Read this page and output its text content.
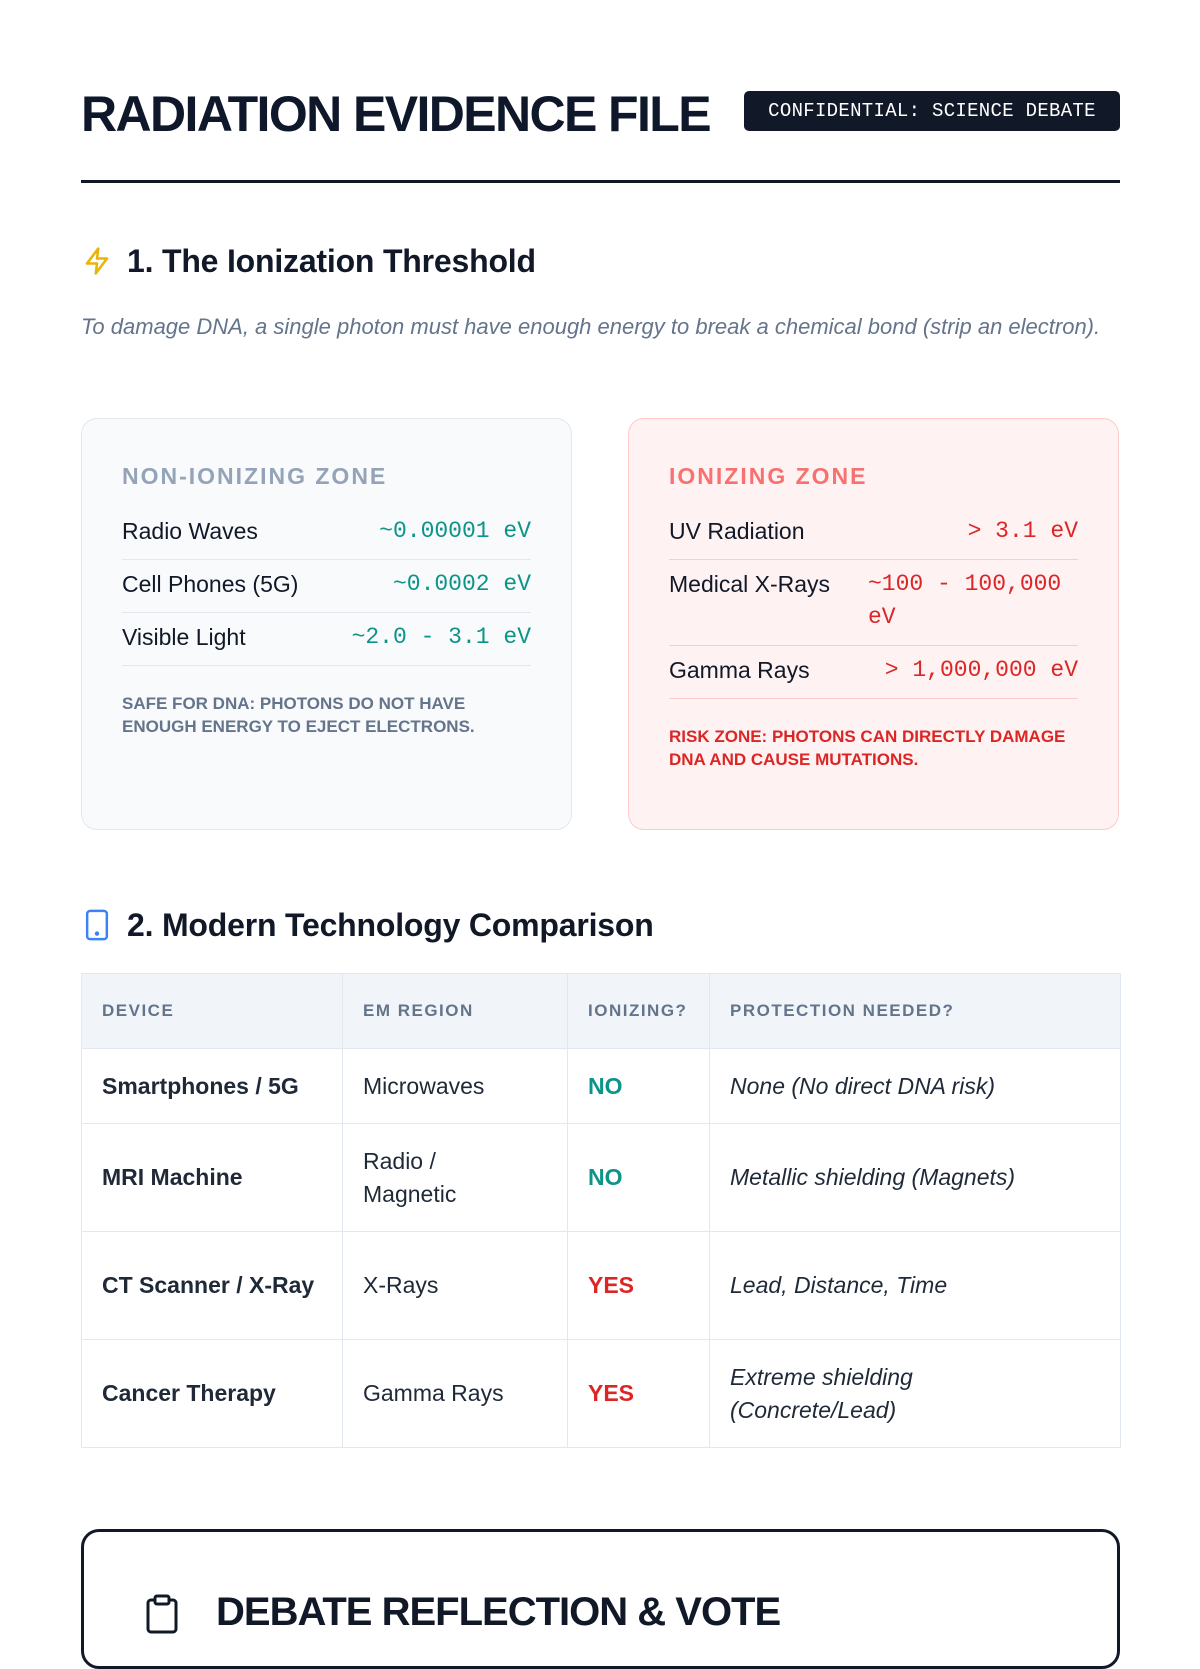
RADIATION EVIDENCE FILE	CONFIDENTIAL: SCIENCE DEBATE
1. The Ionization Threshold

To damage DNA, a single photon must have enough energy to break a chemical bond (strip an electron).

NON-IONIZING ZONE
Radio Waves	~0.00001 eV
Cell Phones (5G)	~0.0002 eV
Visible Light	~2.0 - 3.1 eV
SAFE FOR DNA: PHOTONS DO NOT HAVE ENOUGH ENERGY TO EJECT ELECTRONS.
IONIZING ZONE
UV Radiation	> 3.1 eV
Medical X-Rays	~100 - 100,000 eV
Gamma Rays	> 1,000,000 eV
RISK ZONE: PHOTONS CAN DIRECTLY DAMAGE DNA AND CAUSE MUTATIONS.
2. Modern Technology Comparison
DEVICE	EM REGION	IONIZING?	PROTECTION NEEDED?
Smartphones / 5G	Microwaves	NO	None (No direct DNA risk)
MRI Machine	Radio / Magnetic	NO	Metallic shielding (Magnets)
CT Scanner / X-Ray	X-Rays	YES	Lead, Distance, Time
Cancer Therapy	Gamma Rays	YES	Extreme shielding (Concrete/Lead)
DEBATE REFLECTION & VOTE
